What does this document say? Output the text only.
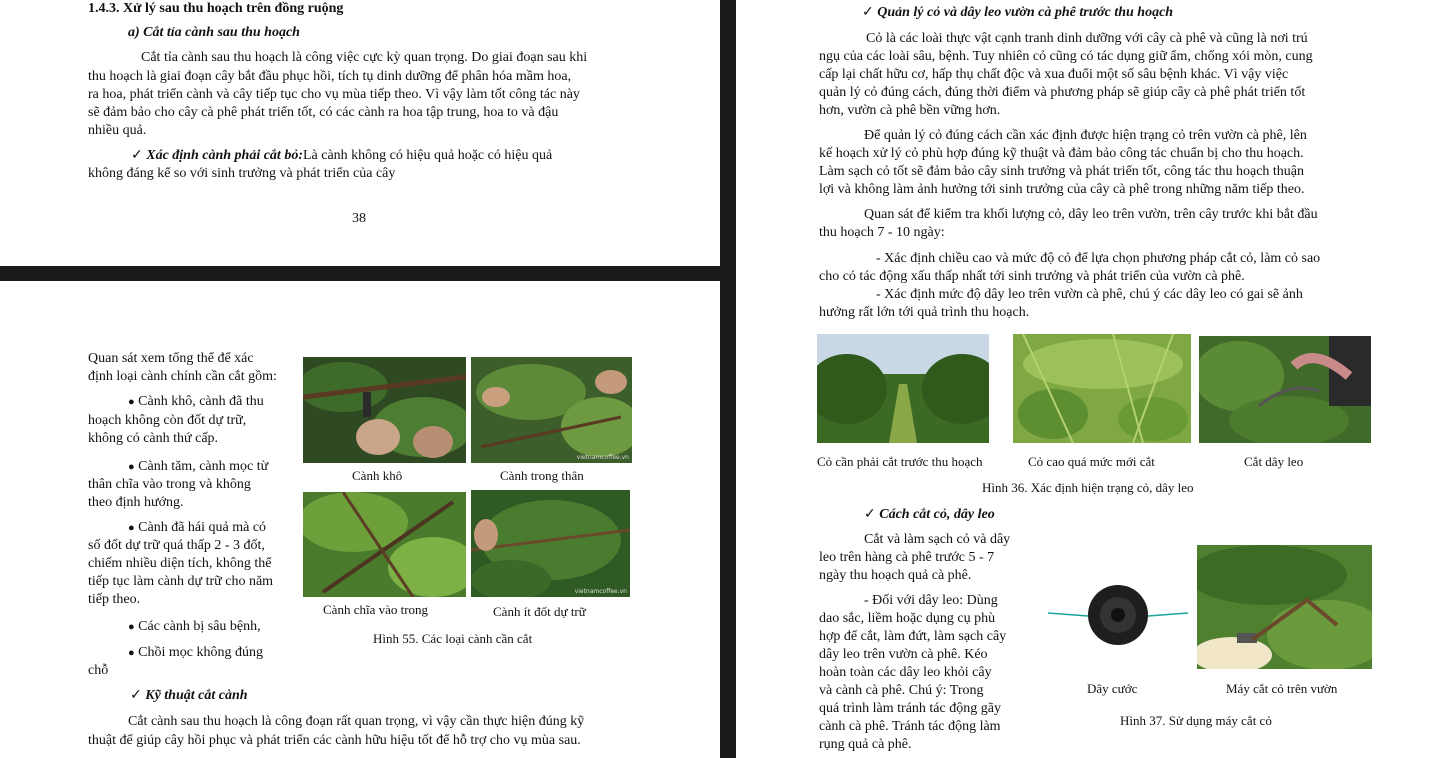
1.4.3. Xử lý sau thu hoạch trên đồng ruộng
a) Cắt tỉa cành sau thu hoạch
Cắt tỉa cành sau thu hoạch là công việc cực kỳ quan trọng. Do giai đoạn sau khi
thu hoạch là giai đoạn cây bắt đầu phục hồi, tích tụ dinh dưỡng để phân hóa mầm hoa,
ra hoa, phát triển cành và cây tiếp tục cho vụ mùa tiếp theo. Vì vậy làm tốt công tác này
sẽ đảm bảo cho cây cà phê phát triển tốt, có các cành ra hoa tập trung, hoa to và đậu
nhiều quả.
✓ Xác định cành phải cắt bỏ:Là cành không có hiệu quả hoặc có hiệu quả
không đáng kể so với sinh trưởng và phát triển của cây
38
Quan sát xem tổng thể để xác
định loại cành chính cần cắt gồm:
● Cành khô, cành đã thu
hoạch không còn đốt dự trữ,
không có cành thứ cấp.
● Cành tăm, cành mọc từ
thân chĩa vào trong và không
theo định hướng.
● Cành đã hái quả mà có
số đốt dự trữ quá thấp 2 - 3 đốt,
chiếm nhiều diện tích, không thể
tiếp tục làm cành dự trữ cho năm
tiếp theo.
● Các cành bị sâu bệnh,
● Chồi mọc không đúng
chỗ
✓ Kỹ thuật cắt cành
Cắt cành sau thu hoạch là công đoạn rất quan trọng, vì vậy cần thực hiện đúng kỹ
thuật để giúp cây hồi phục và phát triển các cành hữu hiệu tốt để hỗ trợ cho vụ mùa sau.
vietnamcoffee.vn
vietnamcoffee.vn
Cành khô	Cành trong thân
Cành chĩa vào trong	Cành ít đốt dự trữ
Hình 55. Các loại cành cần cắt
✓ Quản lý cỏ và dây leo vườn cà phê trước thu hoạch
Cỏ là các loài thực vật cạnh tranh dinh dưỡng với cây cà phê và cũng là nơi trú
ngụ của các loài sâu, bệnh. Tuy nhiên cỏ cũng có tác dụng giữ ẩm, chống xói mòn, cung
cấp lại chất hữu cơ, hấp thụ chất độc và xua đuổi một số sâu bệnh khác. Vì vậy việc
quản lý cỏ đúng cách, đúng thời điểm và phương pháp sẽ giúp cây cà phê phát triển tốt
hơn, vườn cà phê bền vững hơn.
Để quản lý cỏ đúng cách cần xác định được hiện trạng cỏ trên vườn cà phê, lên
kế hoạch xử lý cỏ phù hợp đúng kỹ thuật và đảm bảo công tác chuẩn bị cho thu hoạch.
Làm sạch cỏ tốt sẽ đảm bảo cây sinh trưởng và phát triển tốt, công tác thu hoạch thuận
lợi và không làm ảnh hưởng tới sinh trưởng của cây cà phê trong những năm tiếp theo.
Quan sát để kiểm tra khối lượng cỏ, dây leo trên vườn, trên cây trước khi bắt đầu
thu hoạch 7 - 10 ngày:
- Xác định chiều cao và mức độ cỏ để lựa chọn phương pháp cắt cỏ, làm cỏ sao
cho có tác động xấu thấp nhất tới sinh trưởng và phát triển của vườn cà phê.
- Xác định mức độ dây leo trên vườn cà phê, chú ý các dây leo có gai sẽ ảnh
hưởng rất lớn tới quả trình thu hoạch.
Cỏ cần phải cắt trước thu hoạch	Cỏ cao quá mức mới cắt	Cắt dây leo
Hình 36. Xác định hiện trạng cỏ, dây leo
✓ Cách cắt cỏ, dây leo
Cắt và làm sạch cỏ và dây
leo trên hàng cà phê trước 5 - 7
ngày thu hoạch quả cà phê.
- Đối với dây leo: Dùng
dao sắc, liềm hoặc dụng cụ phù
hợp để cắt, làm đứt, làm sạch cây
dây leo trên vườn cà phê. Kéo
hoàn toàn các dây leo khỏi cây
và cành cà phê. Chú ý: Trong
quá trình làm tránh tác động gãy
cành cà phê. Tránh tác động làm
rụng quả cà phê.
Dây cước	Máy cắt cỏ trên vườn
Hình 37. Sử dụng máy cắt cỏ
